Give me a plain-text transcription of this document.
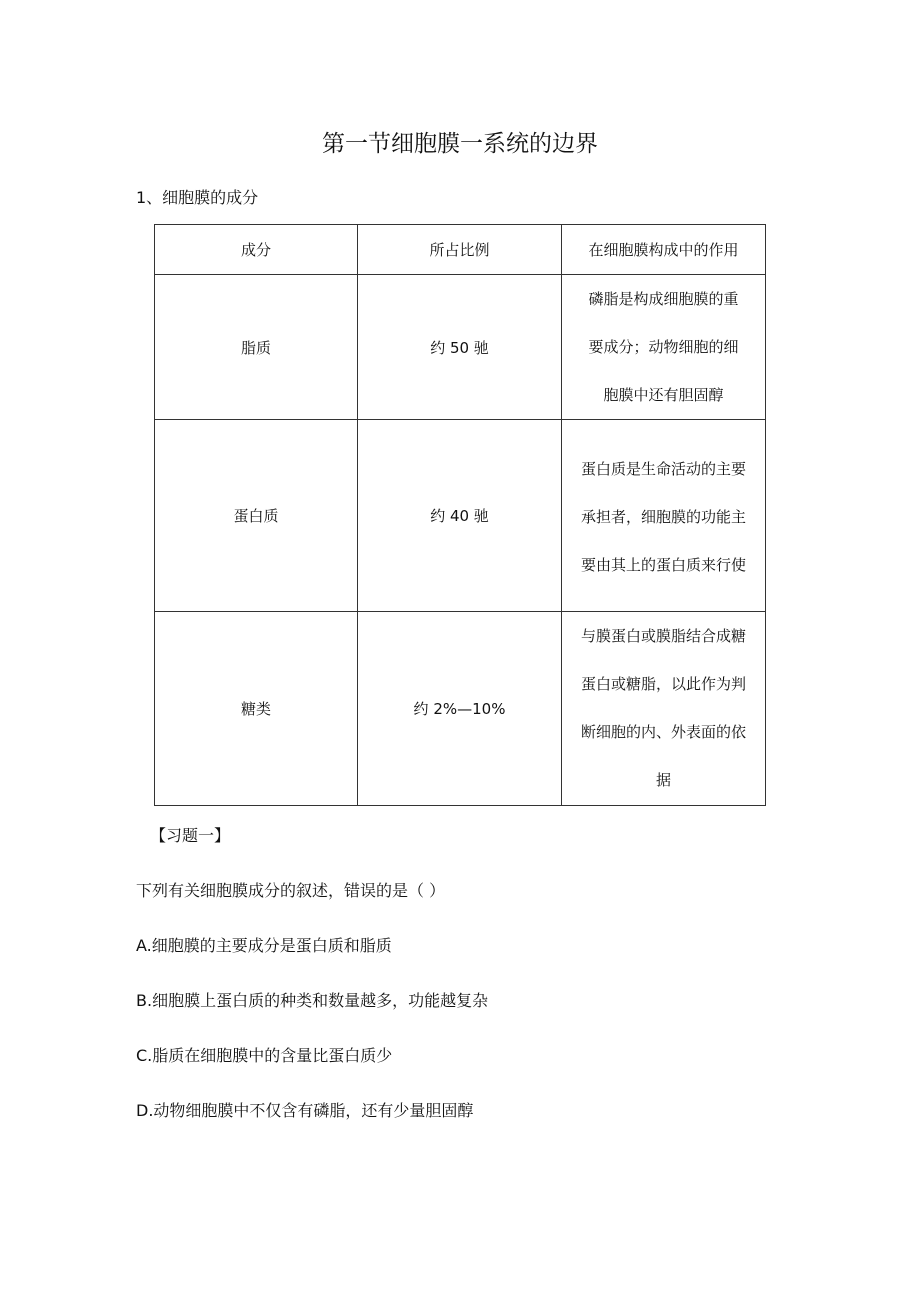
第一节细胞膜一系统的边界

1、细胞膜的成分

成分	所占比例	在细胞膜构成中的作用
脂质	约 50 驰	磷脂是构成细胞膜的重
要成分；动物细胞的细
胞膜中还有胆固醇

蛋白质	约 40 驰	蛋白质是生命活动的主要
承担者，细胞膜的功能主
要由其上的蛋白质来行使

糖类	约 2%—10%	与膜蛋白或膜脂结合成糖
蛋白或糖脂，以此作为判
断细胞的内、外表面的依
据

【习题一】

下列有关细胞膜成分的叙述，错误的是（ ）

A.细胞膜的主要成分是蛋白质和脂质

B.细胞膜上蛋白质的种类和数量越多，功能越复杂

C.脂质在细胞膜中的含量比蛋白质少

D.动物细胞膜中不仅含有磷脂，还有少量胆固醇
